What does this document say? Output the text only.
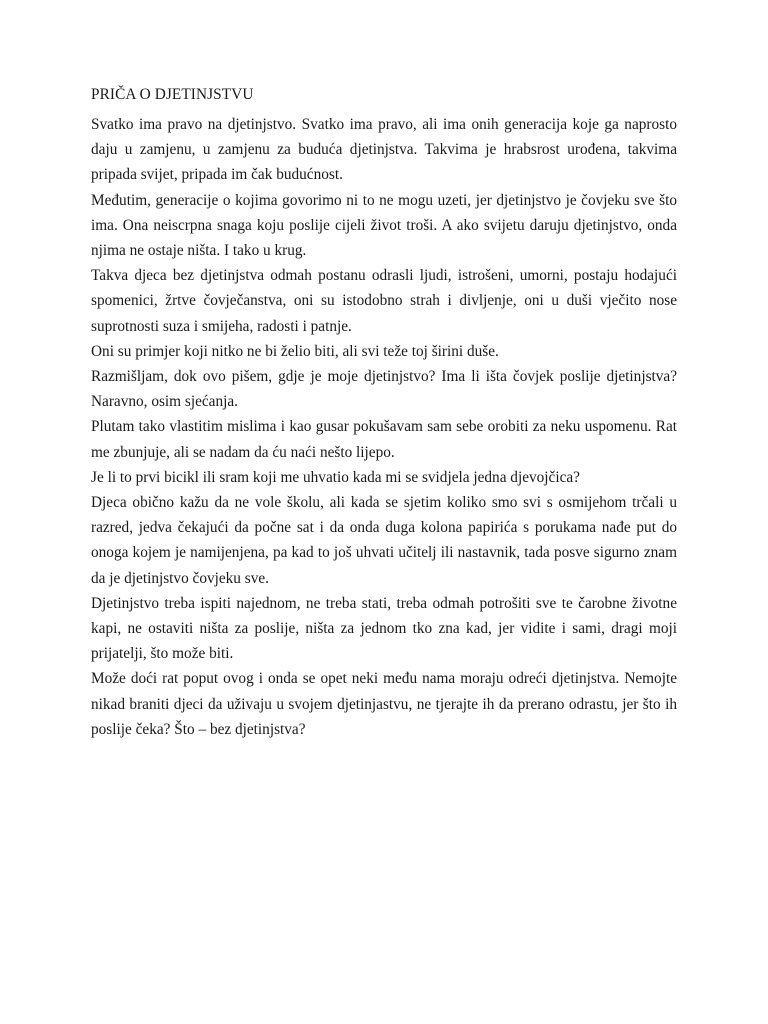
PRIČA O DJETINJSTVU

Svatko ima pravo na djetinjstvo. Svatko ima pravo, ali ima onih generacija koje ga naprosto daju u zamjenu, u zamjenu za buduća djetinjstva. Takvima je hrabsrost urođena, takvima pripada svijet, pripada im čak budućnost.

Međutim, generacije o kojima govorimo ni to ne mogu uzeti, jer djetinjstvo je čovjeku sve što ima. Ona neiscrpna snaga koju poslije cijeli život troši. A ako svijetu daruju djetinjstvo, onda njima ne ostaje ništa. I tako u krug.

Takva djeca bez djetinjstva odmah postanu odrasli ljudi, istrošeni, umorni, postaju hodajući spomenici, žrtve čovječanstva, oni su istodobno strah i divljenje, oni u duši vječito nose suprotnosti suza i smijeha, radosti i patnje.

Oni su primjer koji nitko ne bi želio biti, ali svi teže toj širini duše.

Razmišljam, dok ovo pišem, gdje je moje djetinjstvo? Ima li išta čovjek poslije djetinjstva? Naravno, osim sjećanja.

Plutam tako vlastitim mislima i kao gusar pokušavam sam sebe orobiti za neku uspomenu. Rat me zbunjuje, ali se nadam da ću naći nešto lijepo.

Je li to prvi bicikl ili sram koji me uhvatio kada mi se svidjela jedna djevojčica?

Djeca obično kažu da ne vole školu, ali kada se sjetim koliko smo svi s osmijehom trčali u razred, jedva čekajući da počne sat i da onda duga kolona papirića s porukama nađe put do onoga kojem je namijenjena, pa kad to još uhvati učitelj ili nastavnik, tada posve sigurno znam da je djetinjstvo čovjeku sve.

Djetinjstvo treba ispiti najednom, ne treba stati, treba odmah potrošiti sve te čarobne životne kapi, ne ostaviti ništa za poslije, ništa za jednom tko zna kad, jer vidite i sami, dragi moji prijatelji, što može biti.

Može doći rat poput ovog i onda se opet neki među nama moraju odreći djetinjstva. Nemojte nikad braniti djeci da uživaju u svojem djetinjastvu, ne tjerajte ih da prerano odrastu, jer što ih poslije čeka? Što – bez djetinjstva?
